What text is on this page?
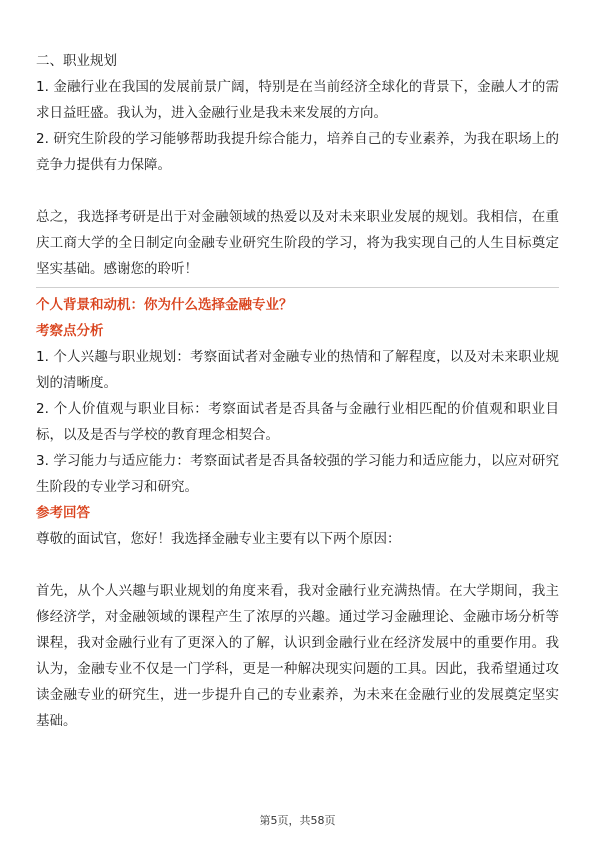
二、职业规划

1. 金融行业在我国的发展前景广阔，特别是在当前经济全球化的背景下，金融人才的需求日益旺盛。我认为，进入金融行业是我未来发展的方向。

2. 研究生阶段的学习能够帮助我提升综合能力，培养自己的专业素养，为我在职场上的竞争力提供有力保障。

总之，我选择考研是出于对金融领域的热爱以及对未来职业发展的规划。我相信，在重庆工商大学的全日制定向金融专业研究生阶段的学习，将为我实现自己的人生目标奠定坚实基础。感谢您的聆听！

个人背景和动机：你为什么选择金融专业？

考察点分析

1. 个人兴趣与职业规划：考察面试者对金融专业的热情和了解程度，以及对未来职业规划的清晰度。

2. 个人价值观与职业目标：考察面试者是否具备与金融行业相匹配的价值观和职业目标，以及是否与学校的教育理念相契合。

3. 学习能力与适应能力：考察面试者是否具备较强的学习能力和适应能力，以应对研究生阶段的专业学习和研究。

参考回答

尊敬的面试官，您好！我选择金融专业主要有以下两个原因：

首先，从个人兴趣与职业规划的角度来看，我对金融行业充满热情。在大学期间，我主修经济学，对金融领域的课程产生了浓厚的兴趣。通过学习金融理论、金融市场分析等课程，我对金融行业有了更深入的了解，认识到金融行业在经济发展中的重要作用。我认为，金融专业不仅是一门学科，更是一种解决现实问题的工具。因此，我希望通过攻读金融专业的研究生，进一步提升自己的专业素养，为未来在金融行业的发展奠定坚实基础。

第5页，共58页
